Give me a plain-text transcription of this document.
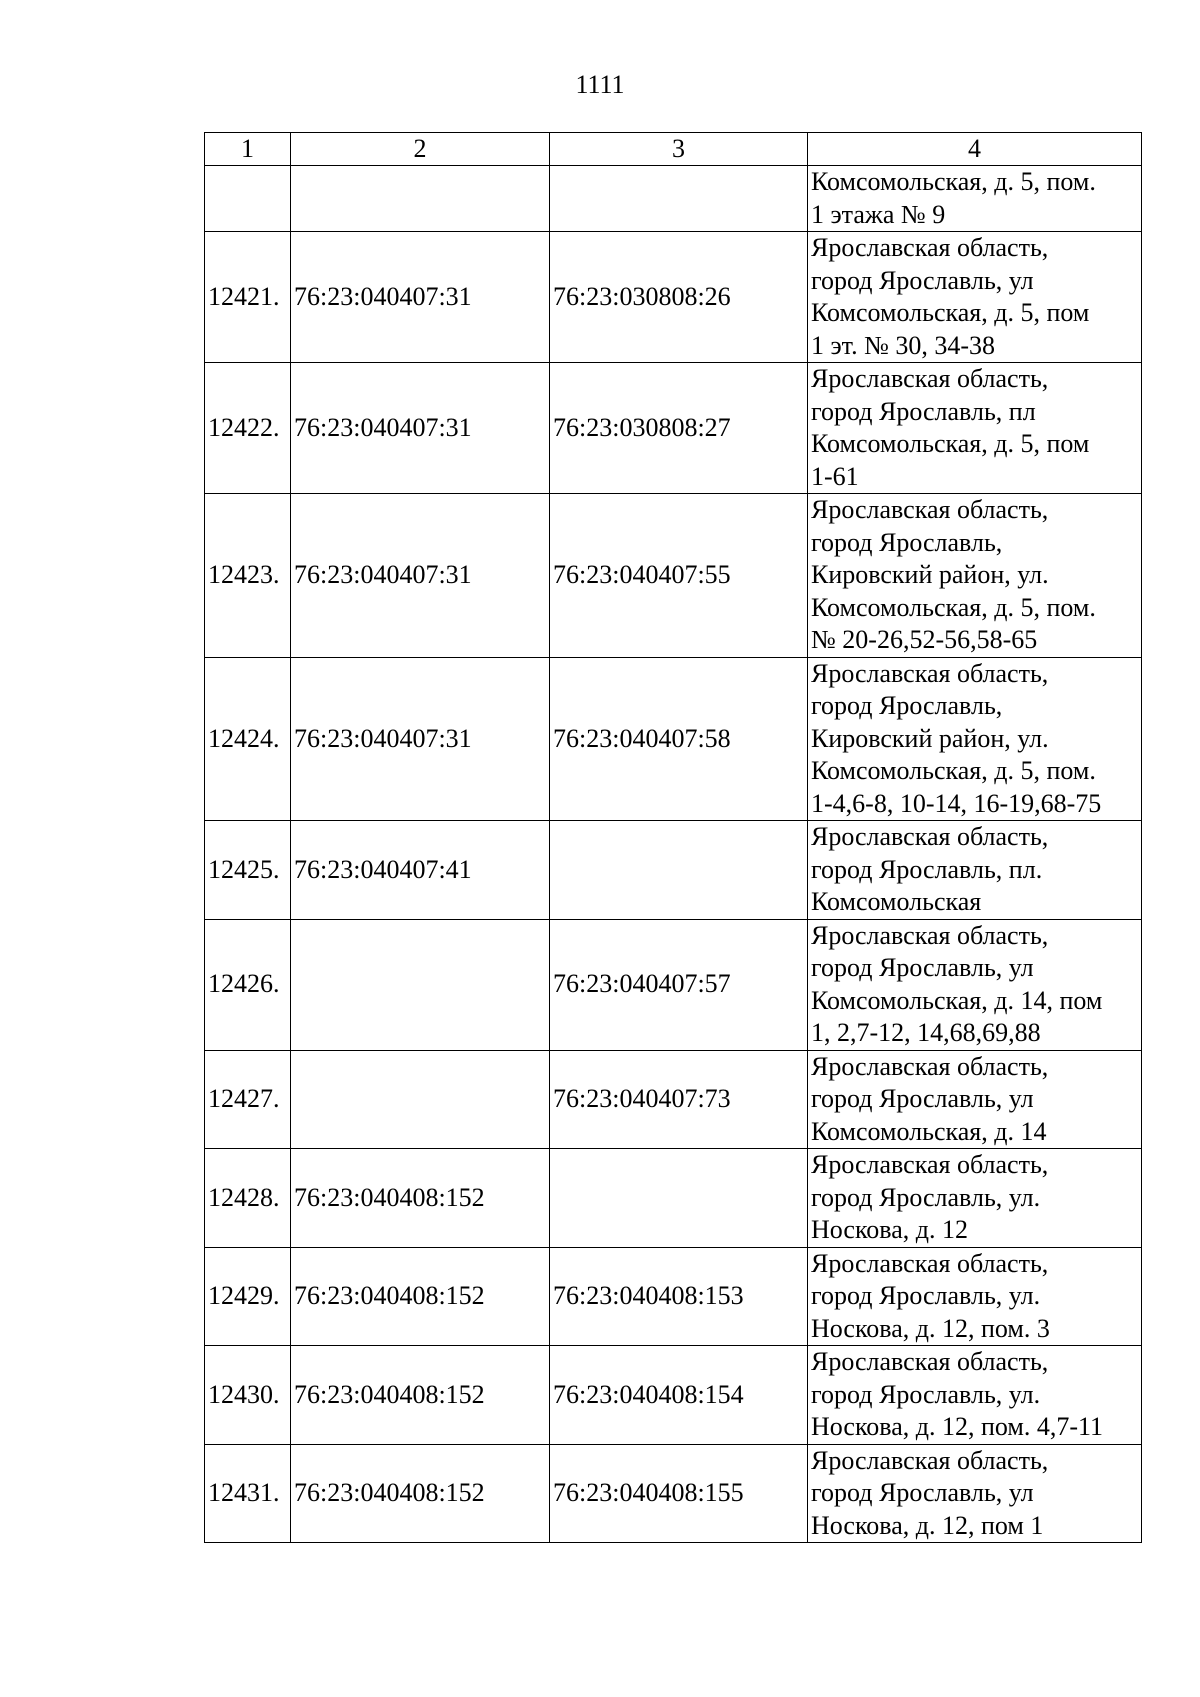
1111
1	2	3	4
			Комсомольская, д. 5, пом.
1 этажа № 9
12421.	76:23:040407:31	76:23:030808:26	Ярославская область,
город Ярославль, ул
Комсомольская, д. 5, пом
1 эт. № 30, 34-38
12422.	76:23:040407:31	76:23:030808:27	Ярославская область,
город Ярославль, пл
Комсомольская, д. 5, пом
1-61
12423.	76:23:040407:31	76:23:040407:55	Ярославская область,
город Ярославль,
Кировский район, ул.
Комсомольская, д. 5, пом.
№ 20-26,52-56,58-65
12424.	76:23:040407:31	76:23:040407:58	Ярославская область,
город Ярославль,
Кировский район, ул.
Комсомольская, д. 5, пом.
1-4,6-8, 10-14, 16-19,68-75
12425.	76:23:040407:41		Ярославская область,
город Ярославль, пл.
Комсомольская
12426.		76:23:040407:57	Ярославская область,
город Ярославль, ул
Комсомольская, д. 14, пом
1, 2,7-12, 14,68,69,88
12427.		76:23:040407:73	Ярославская область,
город Ярославль, ул
Комсомольская, д. 14
12428.	76:23:040408:152		Ярославская область,
город Ярославль, ул.
Носкова, д. 12
12429.	76:23:040408:152	76:23:040408:153	Ярославская область,
город Ярославль, ул.
Носкова, д. 12, пом. 3
12430.	76:23:040408:152	76:23:040408:154	Ярославская область,
город Ярославль, ул.
Носкова, д. 12, пом. 4,7-11
12431.	76:23:040408:152	76:23:040408:155	Ярославская область,
город Ярославль, ул
Носкова, д. 12, пом 1
